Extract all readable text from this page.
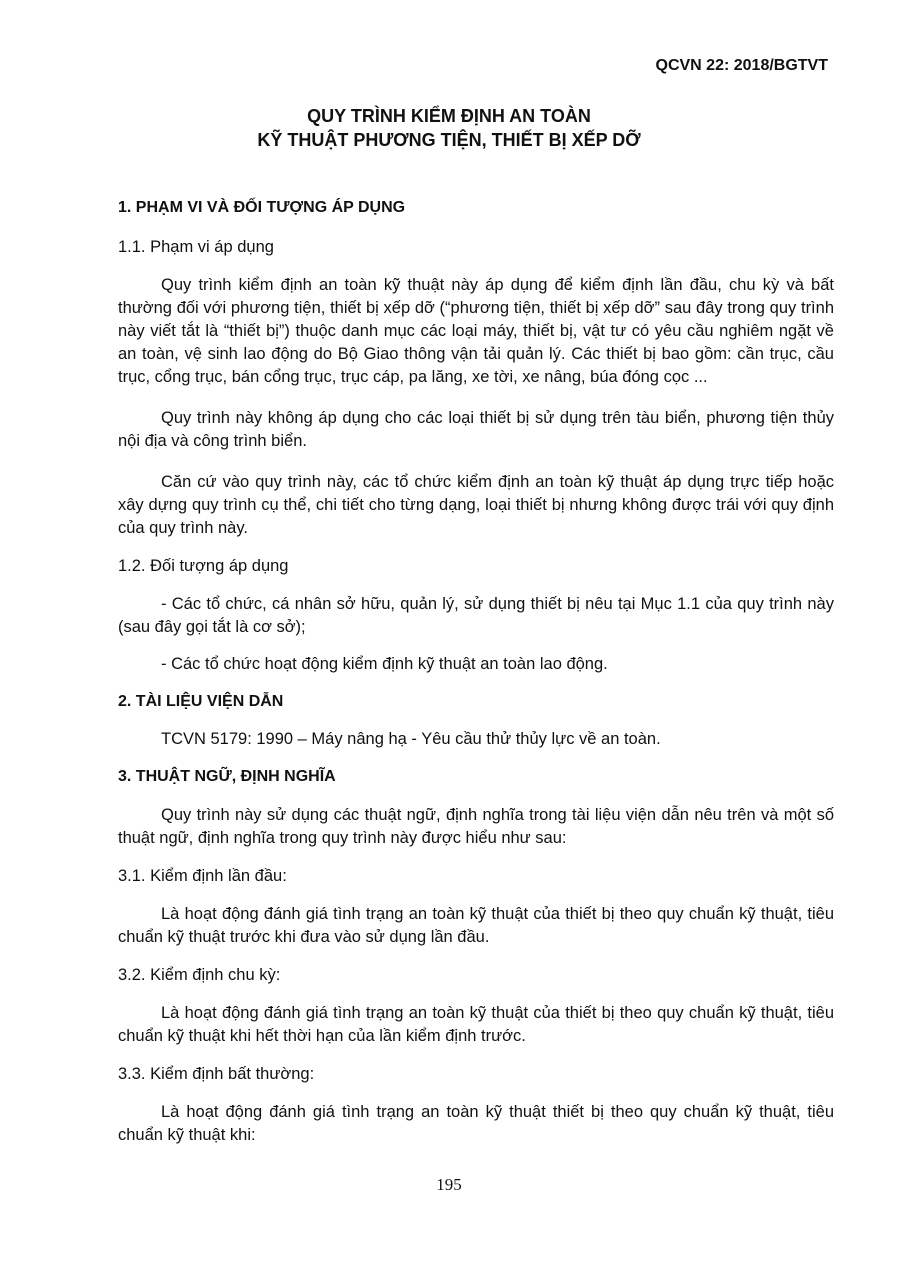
QCVN 22: 2018/BGTVT
QUY TRÌNH KIỂM ĐỊNH AN TOÀN
KỸ THUẬT PHƯƠNG TIỆN, THIẾT BỊ XẾP DỠ

1. PHẠM VI VÀ ĐỐI TƯỢNG ÁP DỤNG

1.1. Phạm vi áp dụng

Quy trình kiểm định an toàn kỹ thuật này áp dụng để kiểm định lần đầu, chu kỳ và bất thường đối với phương tiện, thiết bị xếp dỡ (“phương tiện, thiết bị xếp dỡ” sau đây trong quy trình này viết tắt là “thiết bị”) thuộc danh mục các loại máy, thiết bị, vật tư có yêu cầu nghiêm ngặt về an toàn, vệ sinh lao động do Bộ Giao thông vận tải quản lý. Các thiết bị bao gồm: cần trục, cầu trục, cổng trục, bán cổng trục, trục cáp, pa lăng, xe tời, xe nâng, búa đóng cọc ...

Quy trình này không áp dụng cho các loại thiết bị sử dụng trên tàu biển, phương tiện thủy nội địa và công trình biển.

Căn cứ vào quy trình này, các tổ chức kiểm định an toàn kỹ thuật áp dụng trực tiếp hoặc xây dựng quy trình cụ thể, chi tiết cho từng dạng, loại thiết bị nhưng không được trái với quy định của quy trình này.

1.2. Đối tượng áp dụng

- Các tổ chức, cá nhân sở hữu, quản lý, sử dụng thiết bị nêu tại Mục 1.1 của quy trình này (sau đây gọi tắt là cơ sở);

- Các tổ chức hoạt động kiểm định kỹ thuật an toàn lao động.

2. TÀI LIỆU VIỆN DẪN

TCVN 5179: 1990 – Máy nâng hạ - Yêu cầu thử thủy lực về an toàn.

3. THUẬT NGỮ, ĐỊNH NGHĨA

Quy trình này sử dụng các thuật ngữ, định nghĩa trong tài liệu viện dẫn nêu trên và một số thuật ngữ, định nghĩa trong quy trình này được hiểu như sau:

3.1. Kiểm định lần đầu:

Là hoạt động đánh giá tình trạng an toàn kỹ thuật của thiết bị theo quy chuẩn kỹ thuật, tiêu chuẩn kỹ thuật trước khi đưa vào sử dụng lần đầu.

3.2. Kiểm định chu kỳ:

Là hoạt động đánh giá tình trạng an toàn kỹ thuật của thiết bị theo quy chuẩn kỹ thuật, tiêu chuẩn kỹ thuật khi hết thời hạn của lần kiểm định trước.

3.3. Kiểm định bất thường:

Là hoạt động đánh giá tình trạng an toàn kỹ thuật thiết bị theo quy chuẩn kỹ thuật, tiêu chuẩn kỹ thuật khi:

195
